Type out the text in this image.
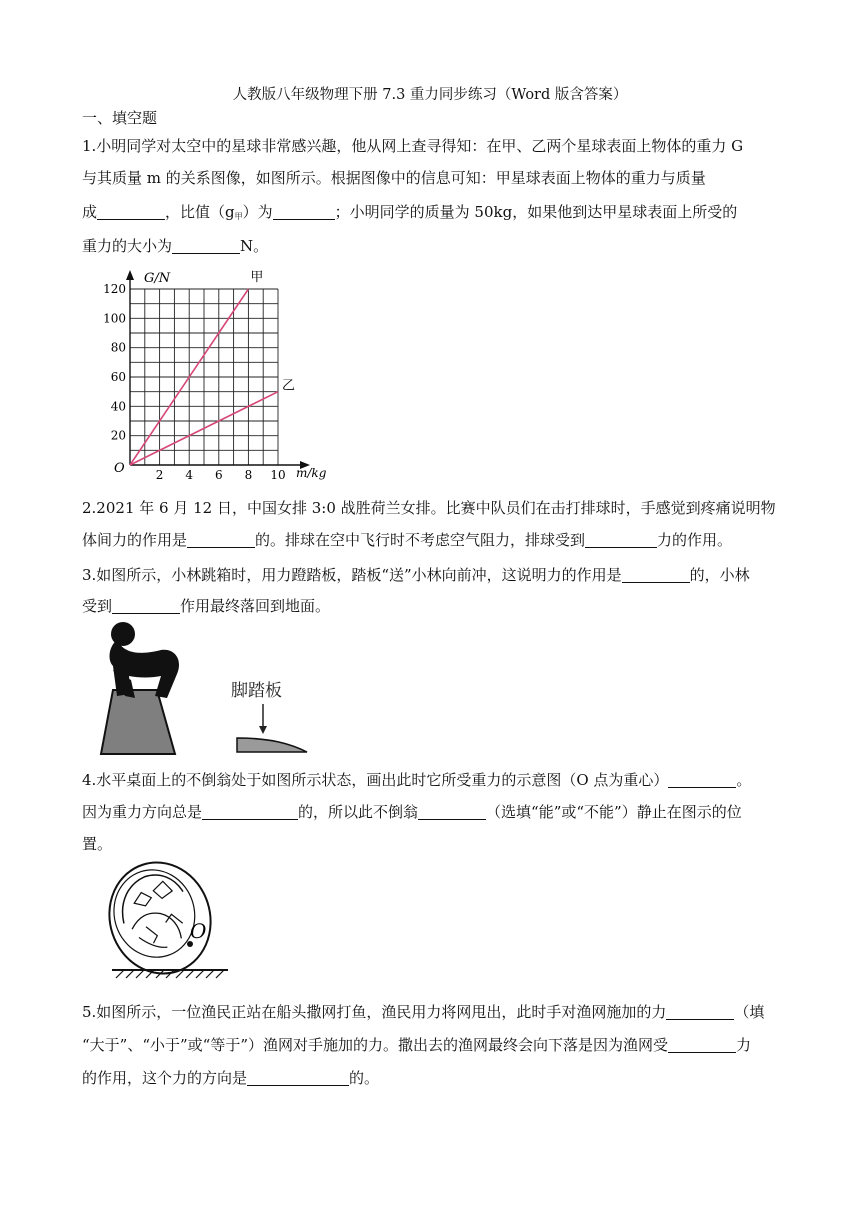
人教版八年级物理下册 7.3 重力同步练习（Word 版含答案）
一、填空题
1.小明同学对太空中的星球非常感兴趣，他从网上查寻得知：在甲、乙两个星球表面上物体的重力 G
与其质量 m 的关系图像，如图所示。根据图像中的信息可知：甲星球表面上物体的重力与质量
成	，比值$(g_甲)$为	；小明同学的质量为 50kg，如果他到达甲星球表面上所受的
重力的大小为	N。
2 4 6 8 10
20
40
60
80
100
120
甲
乙
G/N
m/kg
O
2.2021 年 6 月 12 日，中国女排 3:0 战胜荷兰女排。比赛中队员们在击打排球时，手感觉到疼痛说明物
体间力的作用是	的。排球在空中飞行时不考虑空气阻力，排球受到	力的作用。
3.如图所示，小林跳箱时，用力蹬踏板，踏板“送”小林向前冲，这说明力的作用是	的，小林
受到	作用最终落回到地面。
脚踏板
4.水平桌面上的不倒翁处于如图所示状态，画出此时它所受重力的示意图（O 点为重心）	。
因为重力方向总是	的，所以此不倒翁	（选填“能”或“不能”）静止在图示的位
置。
O
5.如图所示，一位渔民正站在船头撒网打鱼，渔民用力将网甩出，此时手对渔网施加的力	（填
“大于”、“小于”或“等于”）渔网对手施加的力。撒出去的渔网最终会向下落是因为渔网受	力
的作用，这个力的方向是	的。
